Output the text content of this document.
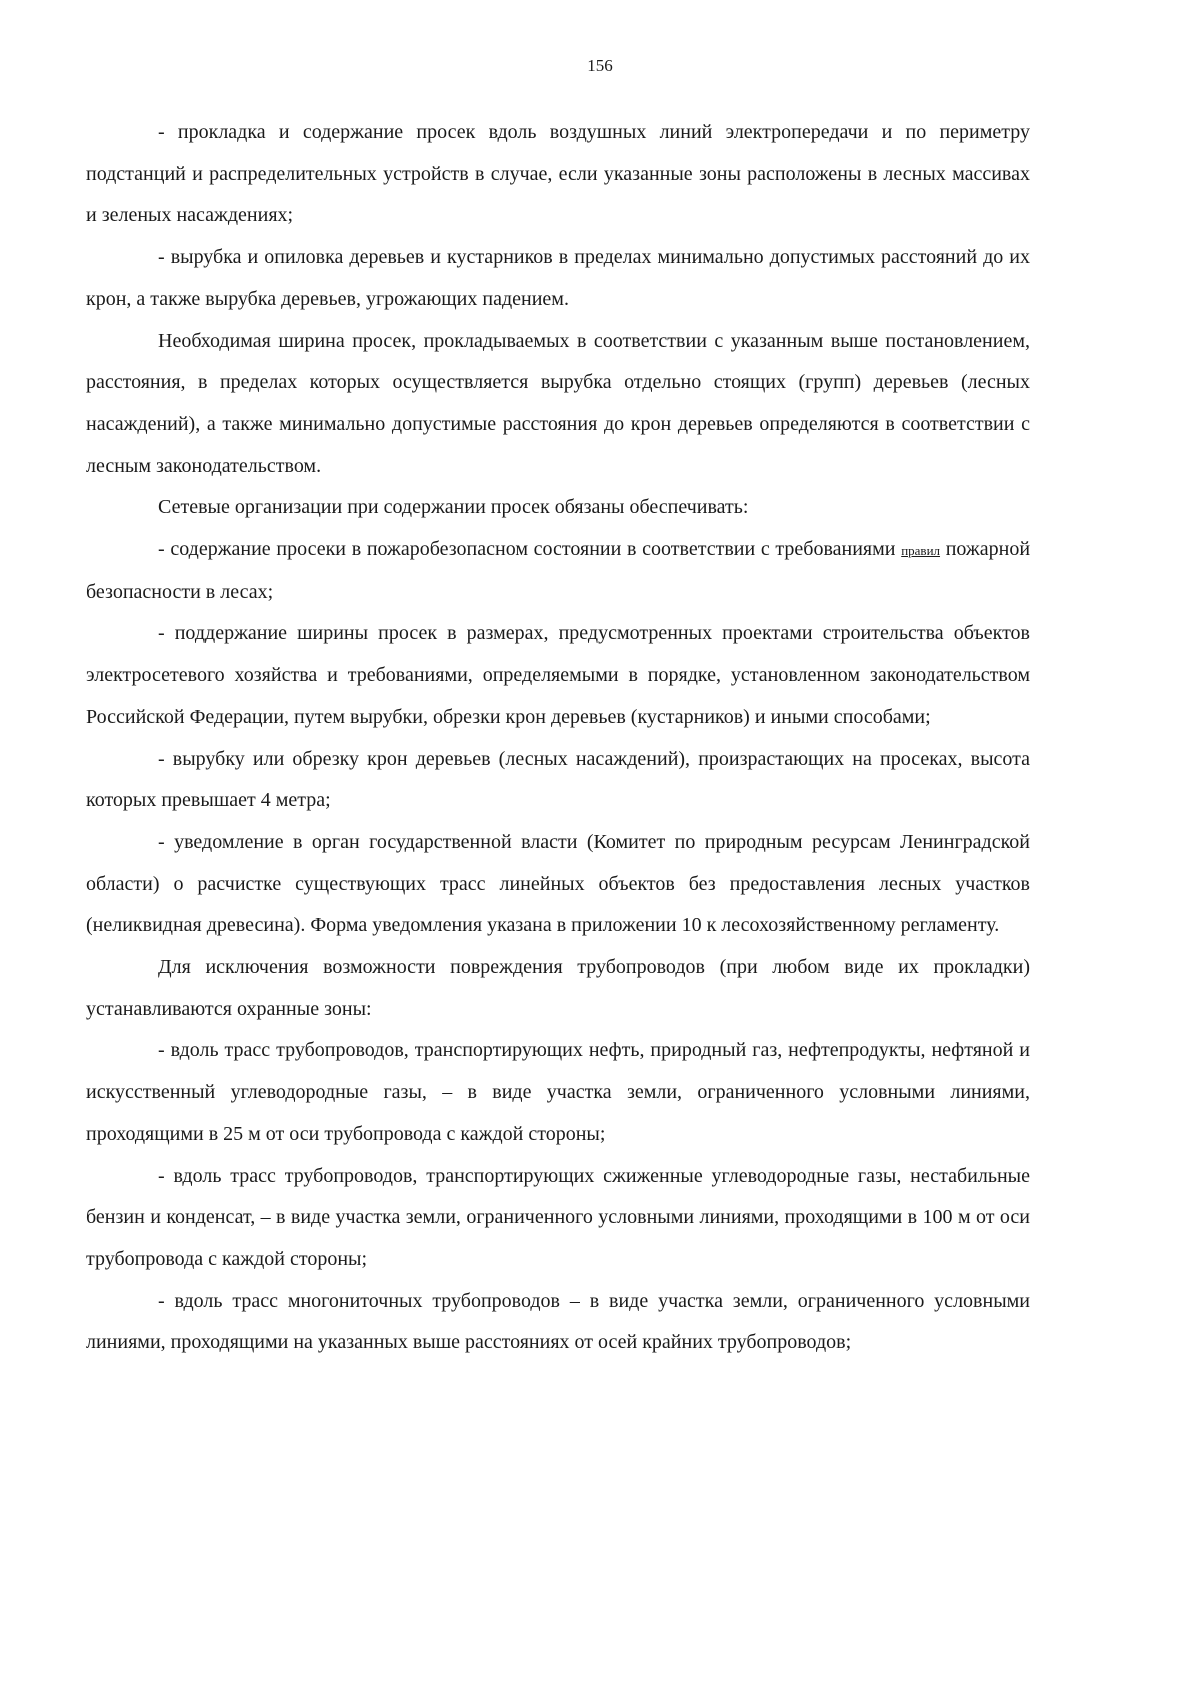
156

- прокладка и содержание просек вдоль воздушных линий электропередачи и по периметру подстанций и распределительных устройств в случае, если указанные зоны расположены в лесных массивах и зеленых насаждениях;

- вырубка и опиловка деревьев и кустарников в пределах минимально допустимых расстояний до их крон, а также вырубка деревьев, угрожающих падением.

Необходимая ширина просек, прокладываемых в соответствии с указанным выше постановлением, расстояния, в пределах которых осуществляется вырубка отдельно стоящих (групп) деревьев (лесных насаждений), а также минимально допустимые расстояния до крон деревьев определяются в соответствии с лесным законодательством.

Сетевые организации при содержании просек обязаны обеспечивать:

- содержание просеки в пожаробезопасном состоянии в соответствии с требованиями правил пожарной безопасности в лесах;

- поддержание ширины просек в размерах, предусмотренных проектами строительства объектов электросетевого хозяйства и требованиями, определяемыми в порядке, установленном законодательством Российской Федерации, путем вырубки, обрезки крон деревьев (кустарников) и иными способами;

- вырубку или обрезку крон деревьев (лесных насаждений), произрастающих на просеках, высота которых превышает 4 метра;

- уведомление в орган государственной власти (Комитет по природным ресурсам Ленинградской области) о расчистке существующих трасс линейных объектов без предоставления лесных участков (неликвидная древесина). Форма уведомления указана в приложении 10 к лесохозяйственному регламенту.

Для исключения возможности повреждения трубопроводов (при любом виде их прокладки) устанавливаются охранные зоны:

- вдоль трасс трубопроводов, транспортирующих нефть, природный газ, нефтепродукты, нефтяной и искусственный углеводородные газы, – в виде участка земли, ограниченного условными линиями, проходящими в 25 м от оси трубопровода с каждой стороны;

- вдоль трасс трубопроводов, транспортирующих сжиженные углеводородные газы, нестабильные бензин и конденсат, – в виде участка земли, ограниченного условными линиями, проходящими в 100 м от оси трубопровода с каждой стороны;

- вдоль трасс многониточных трубопроводов – в виде участка земли, ограниченного условными линиями, проходящими на указанных выше расстояниях от осей крайних трубопроводов;
